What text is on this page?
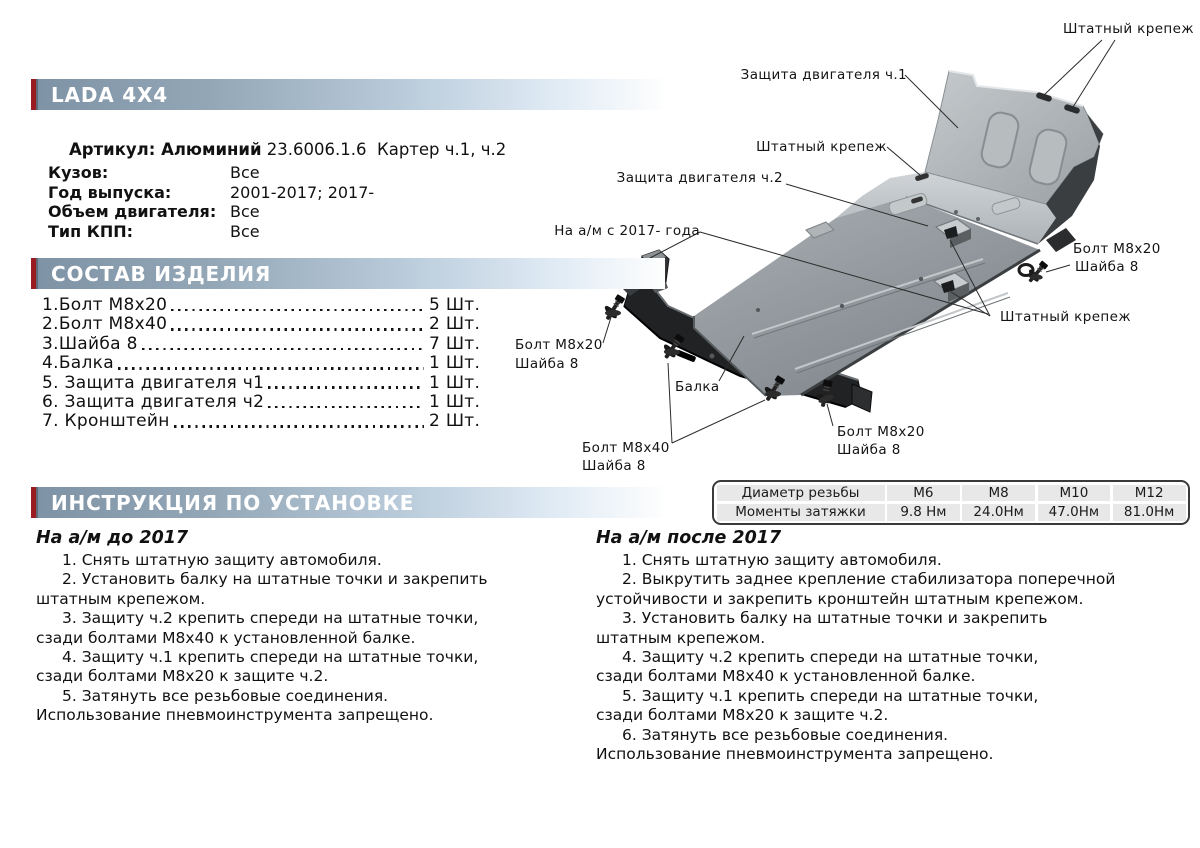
Штатный крепеж
Защита двигателя ч.1
Штатный крепеж
Защита двигателя ч.2
На а/м с 2017- года
Болт М8х20
Шайба 8
Болт М8х40
Шайба 8
Балка
Болт М8х20
Шайба 8
Болт М8х20
Шайба 8
Штатный крепеж
LADA 4X4

Артикул: Алюминий 23.6006.1.6  Картер ч.1, ч.2

Кузов:	Все
Год выпуска:	2001-2017; 2017-
Объем двигателя: Все
Тип КПП:	Все
СОСТАВ ИЗДЕЛИЯ
1.Болт М8х20	5 Шт.
2.Болт М8х40	2 Шт.
3.Шайба 8	7 Шт.
4.Балка	1 Шт.
5. Защита двигателя ч1	1 Шт.
6. Защита двигателя ч2	1 Шт.
7. Кронштейн	2 Шт.
Диаметр резьбы	M6	M8	M10	M12
Моменты затяжки	9.8 Нм	24.0Нм	47.0Нм	81.0Нм
ИНСТРУКЦИЯ ПО УСТАНОВКЕ
На а/м до 2017
1. Снять штатную защиту автомобиля.
2. Установить балку на штатные точки и закрепить
штатным крепежом.
3. Защиту ч.2 крепить спереди на штатные точки,
сзади болтами М8х40 к установленной балке.
4. Защиту ч.1 крепить спереди на штатные точки,
сзади болтами М8х20 к защите ч.2.
5. Затянуть все резьбовые соединения.
Использование пневмоинструмента запрещено.
На а/м после 2017
1. Снять штатную защиту автомобиля.
2. Выкрутить заднее крепление стабилизатора поперечной
устойчивости и закрепить кронштейн штатным крепежом.
3. Установить балку на штатные точки и закрепить
штатным крепежом.
4. Защиту ч.2 крепить спереди на штатные точки,
сзади болтами М8х40 к установленной балке.
5. Защиту ч.1 крепить спереди на штатные точки,
сзади болтами М8х20 к защите ч.2.
6. Затянуть все резьбовые соединения.
Использование пневмоинструмента запрещено.
